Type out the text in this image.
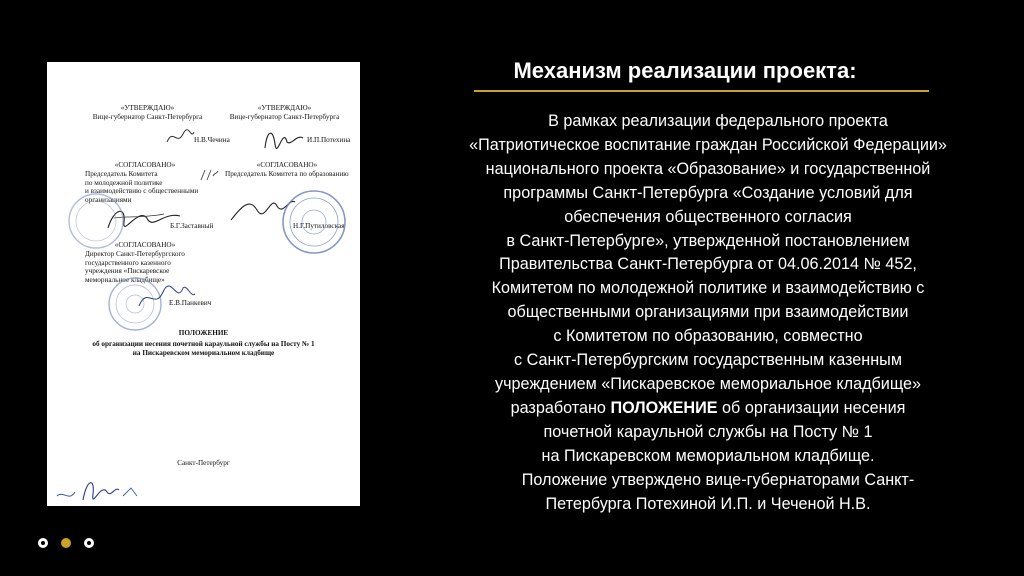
«УТВЕРЖДАЮ»
Вице-губернатор Санкт-Петербурга
Н.В.Чечина
«УТВЕРЖДАЮ»
Вице-губернатор Санкт-Петербурга
И.П.Потехина
«СОГЛАСОВАНО»
Председатель Комитета
по молодежной политике
и взаимодействию с общественными
организациями
Б.Г.Заставный
«СОГЛАСОВАНО»
Председатель Комитета по образованию
Н.Г.Путиловская
«СОГЛАСОВАНО»
Директор Санкт-Петербургского
государственного казенного
учреждения «Пискаревское
мемориальное кладбище»
Е.В.Панкевич
ПОЛОЖЕНИЕ
об организации несения почетной караульной службы на Посту № 1
на Пискаревском мемориальном кладбище
Санкт-Петербург
Механизм реализации проекта:
В рамках реализации федерального проекта
«Патриотическое воспитание граждан Российской Федерации»
национального проекта «Образование» и государственной
программы Санкт-Петербурга «Создание условий для
обеспечения общественного согласия
в Санкт-Петербурге», утвержденной постановлением
Правительства Санкт-Петербурга от 04.06.2014 № 452,
Комитетом по молодежной политике и взаимодействию с
общественными организациями при взаимодействии
с Комитетом по образованию, совместно
с Санкт-Петербургским государственным казенным
учреждением «Пискаревское мемориальное кладбище»
разработано ПОЛОЖЕНИЕ об организации несения
почетной караульной службы на Посту № 1
на Пискаревском мемориальном кладбище.
Положение утверждено вице-губернаторами Санкт-
Петербурга Потехиной И.П. и Чеченой Н.В.
